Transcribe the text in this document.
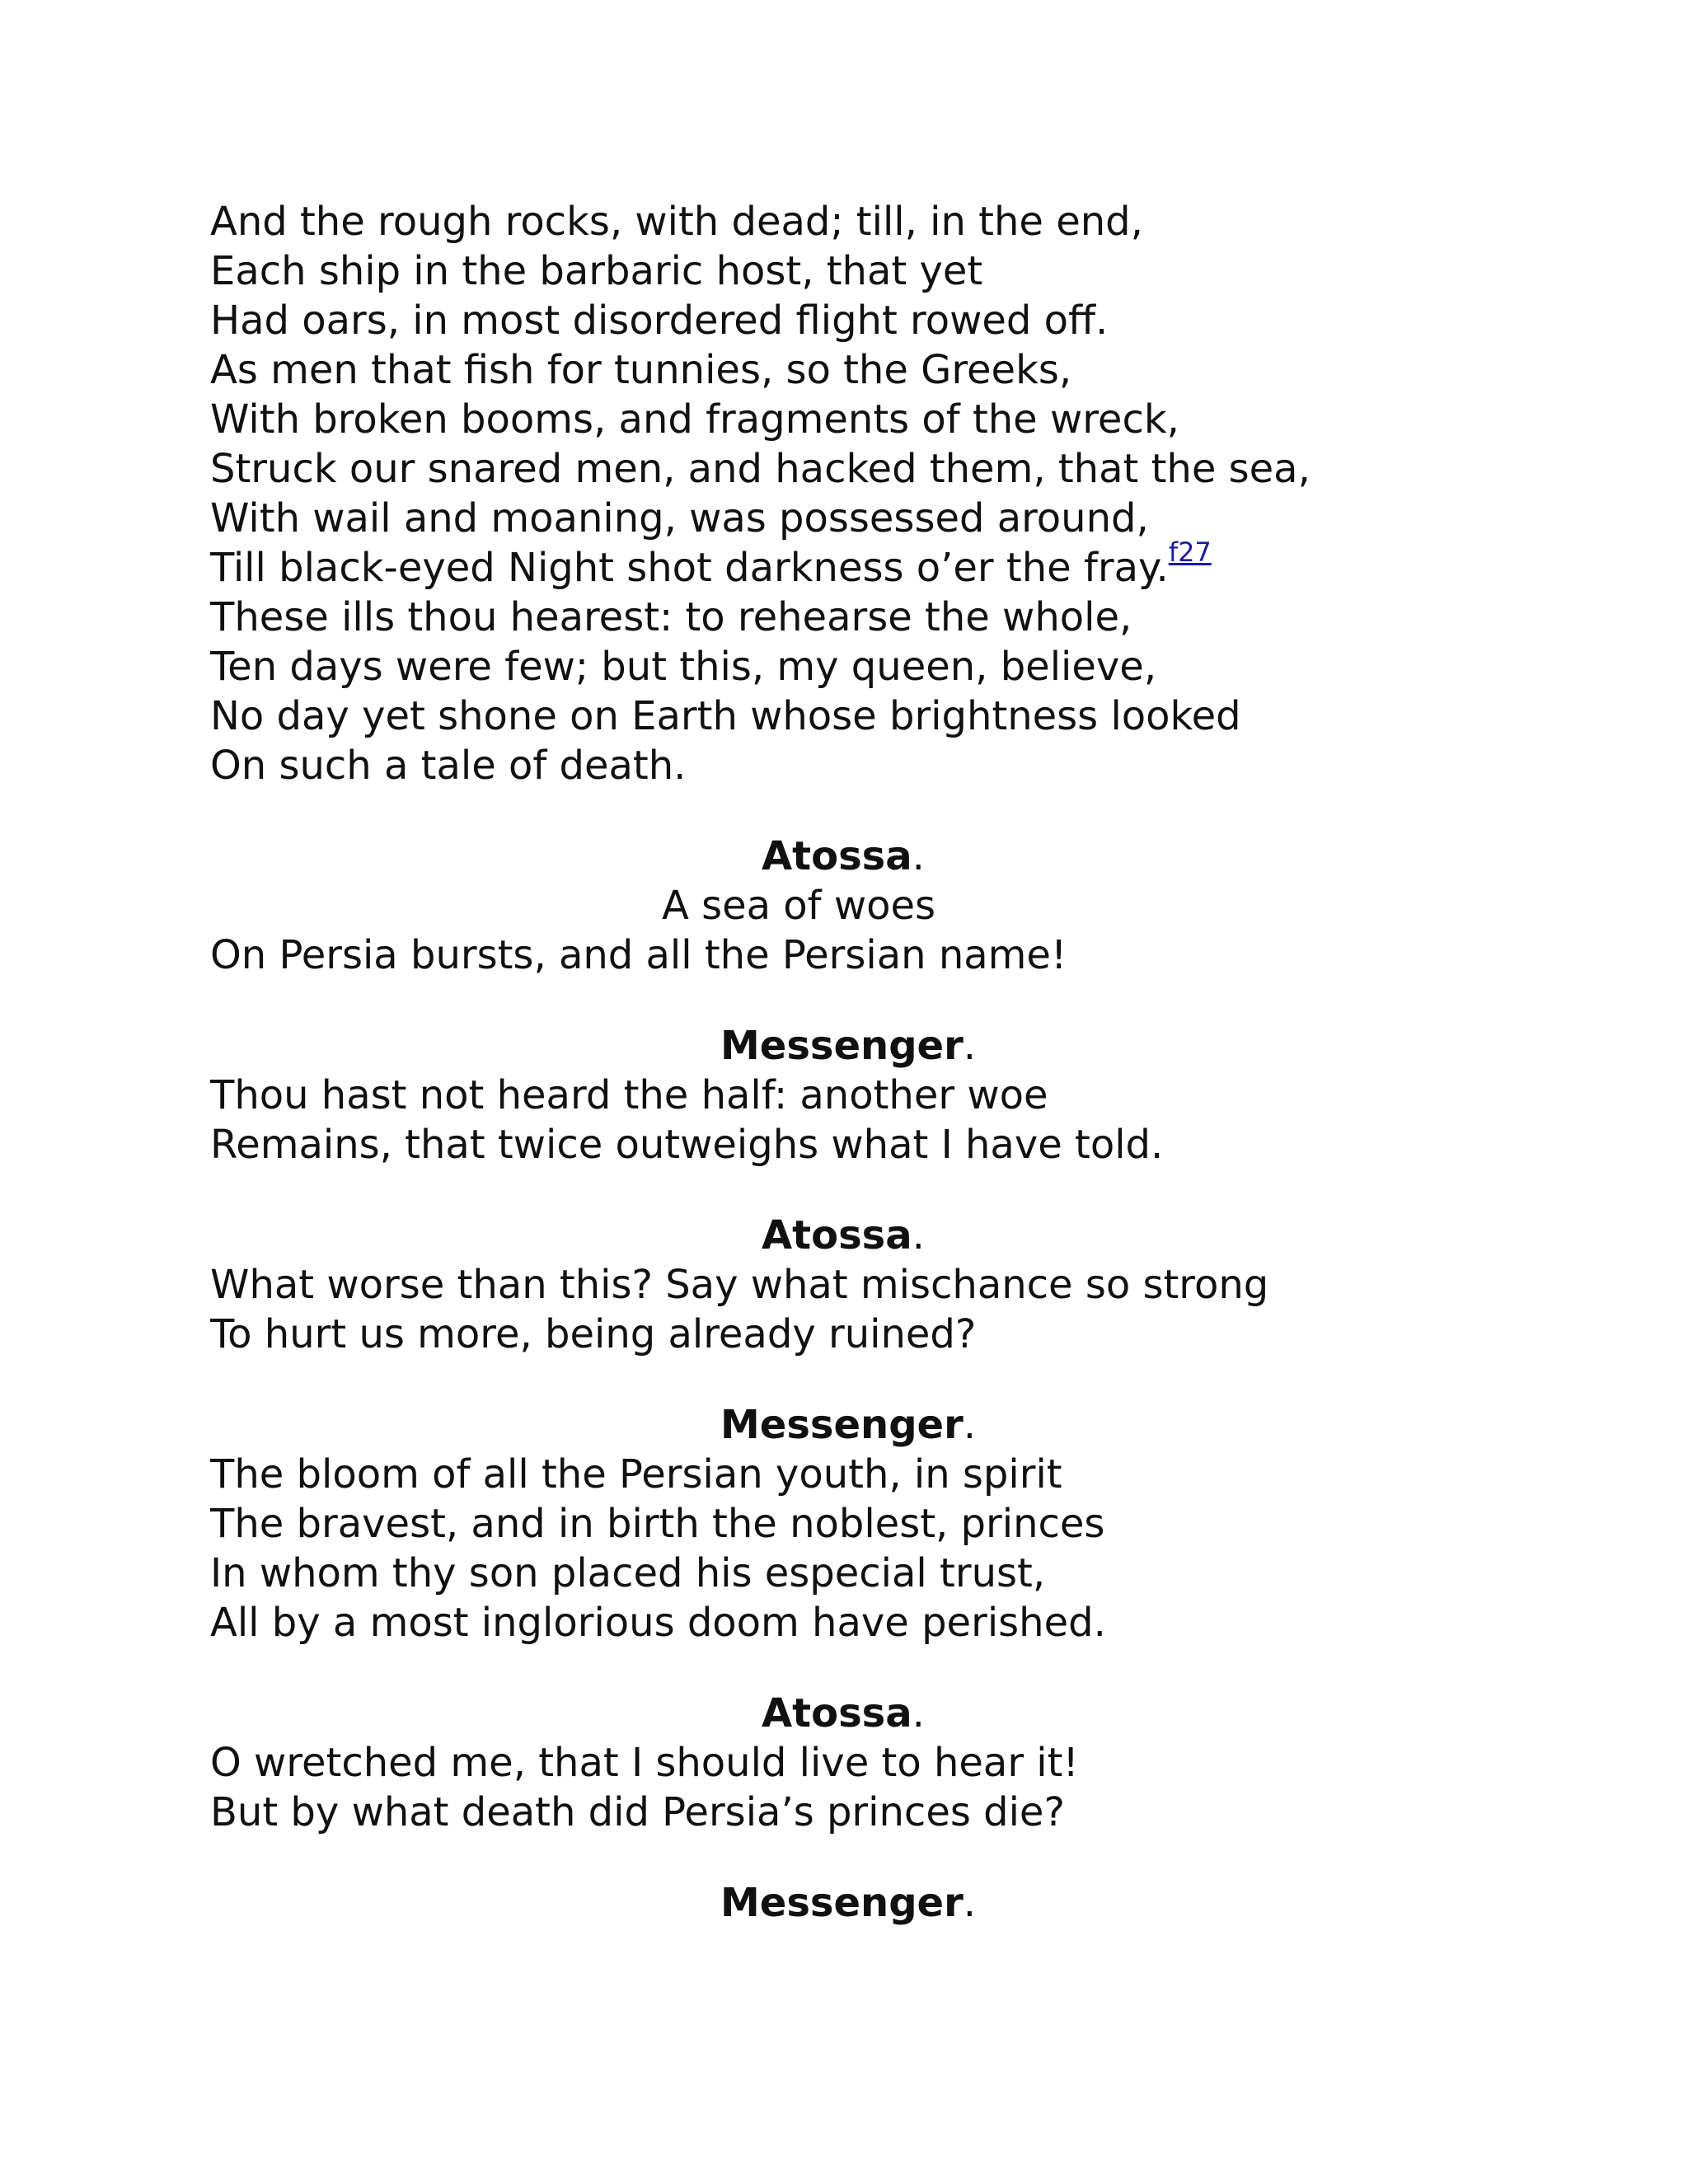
And the rough rocks, with dead; till, in the end,
Each ship in the barbaric host, that yet
Had oars, in most disordered flight rowed off.
As men that fish for tunnies, so the Greeks,
With broken booms, and fragments of the wreck,
Struck our snared men, and hacked them, that the sea,
With wail and moaning, was possessed around,
Till black-eyed Night shot darkness o’er the fray.$^{f27}$
These ills thou hearest: to rehearse the whole,
Ten days were few; but this, my queen, believe,
No day yet shone on Earth whose brightness looked
On such a tale of death.
Atossa.
A sea of woes
On Persia bursts, and all the Persian name!
Messenger.
Thou hast not heard the half: another woe
Remains, that twice outweighs what I have told.
Atossa.
What worse than this? Say what mischance so strong
To hurt us more, being already ruined?
Messenger.
The bloom of all the Persian youth, in spirit
The bravest, and in birth the noblest, princes
In whom thy son placed his especial trust,
All by a most inglorious doom have perished.
Atossa.
O wretched me, that I should live to hear it!
But by what death did Persia’s princes die?
Messenger.
